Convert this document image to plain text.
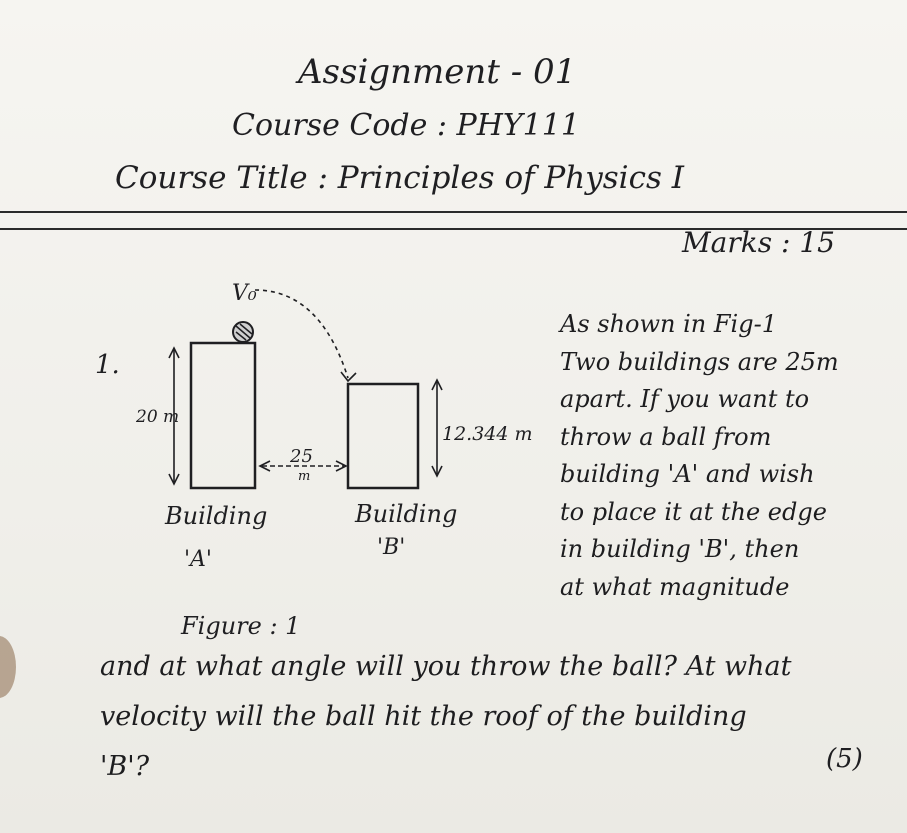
Assignment - 01
Course Code : PHY111
Course Title : Principles of Physics I
Marks : 15
1.
V₀
20 m
12.344 m
25
m
Building
'A'
Building
'B'
As shown in Fig-1
Two buildings are 25m
apart. If you want to
throw a ball from
building 'A' and wish
to place it at the edge
in building 'B', then
at what magnitude
Figure : 1
and at what angle will you throw the ball? At what
velocity will the ball hit the roof of the building
'B'?	(5)
